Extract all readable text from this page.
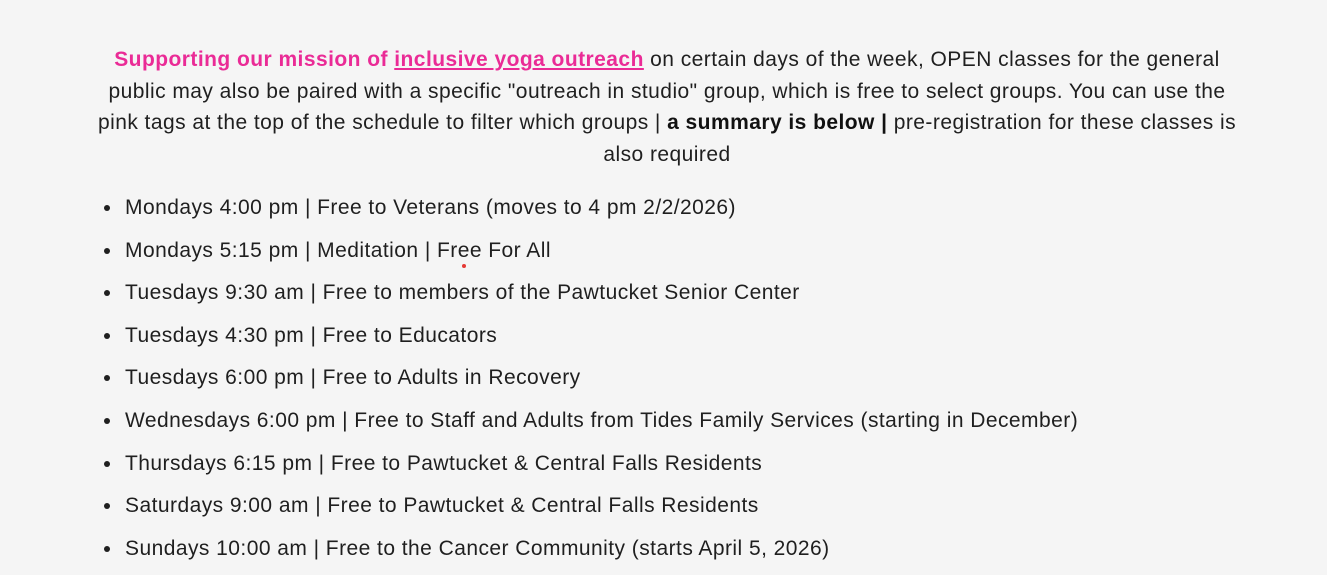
Supporting our mission of inclusive yoga outreach on certain days of the week, OPEN classes for the general public may also be paired with a specific "outreach in studio" group, which is free to select groups. You can use the pink tags at the top of the schedule to filter which groups | a summary is below | pre-registration for these classes is also required

Mondays 4:00 pm | Free to Veterans (moves to 4 pm 2/2/2026)
Mondays 5:15 pm | Meditation | Free For All
Tuesdays 9:30 am | Free to members of the Pawtucket Senior Center
Tuesdays 4:30 pm | Free to Educators
Tuesdays 6:00 pm | Free to Adults in Recovery
Wednesdays 6:00 pm | Free to Staff and Adults from Tides Family Services (starting in December)
Thursdays 6:15 pm | Free to Pawtucket & Central Falls Residents
Saturdays 9:00 am | Free to Pawtucket & Central Falls Residents
Sundays 10:00 am | Free to the Cancer Community (starts April 5, 2026)
